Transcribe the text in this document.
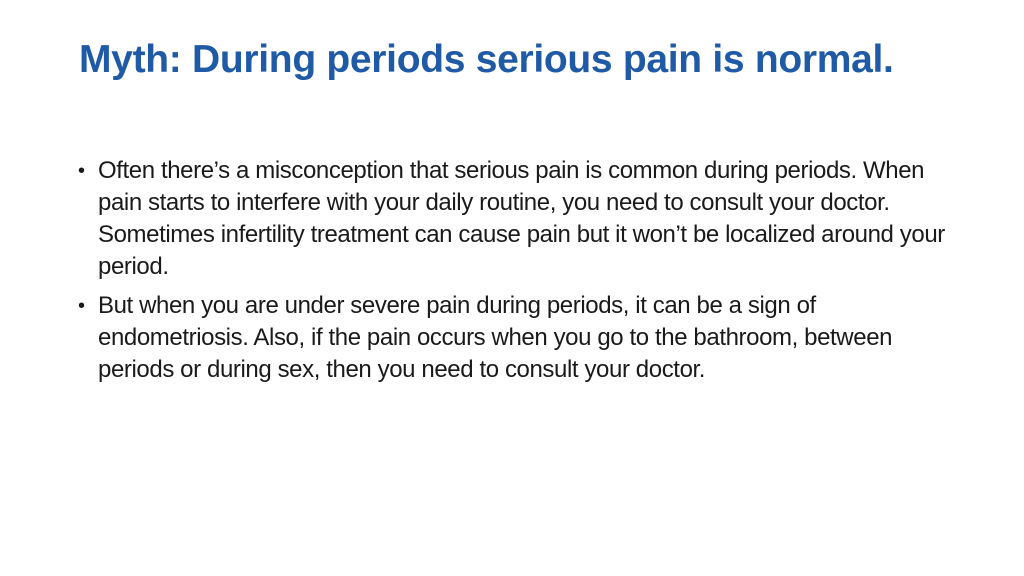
Myth: During periods serious pain is normal.
• Often there’s a misconception that serious pain is common during periods. When pain starts to interfere with your daily routine, you need to consult your doctor. Sometimes infertility treatment can cause pain but it won’t be localized around your period.
• But when you are under severe pain during periods, it can be a sign of endometriosis. Also, if the pain occurs when you go to the bathroom, between periods or during sex, then you need to consult your doctor.
